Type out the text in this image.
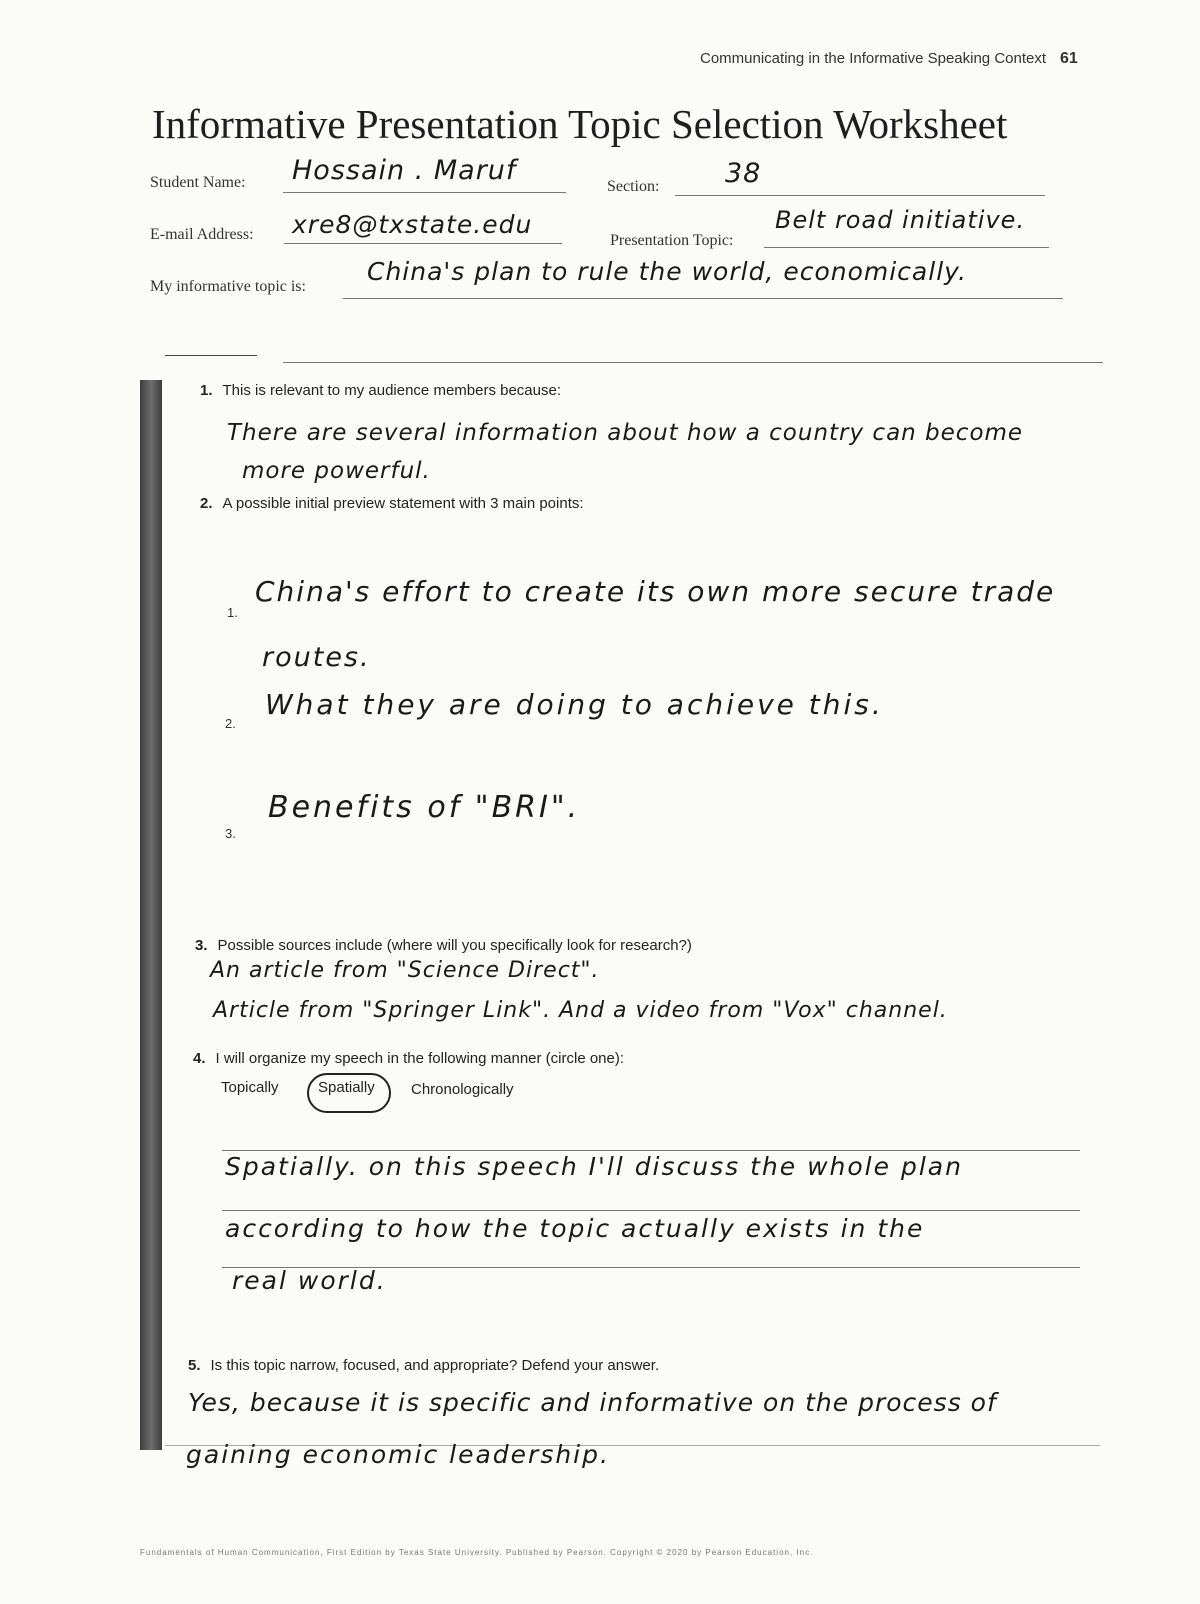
Communicating in the Informative Speaking Context 61
Informative Presentation Topic Selection Worksheet
Student Name: Hossain . Maruf
Section: 38
E-mail Address: xre8@txstate.edu
Presentation Topic:
Belt road initiative.
My informative topic is:
China's plan to rule the world, economically.
1. This is relevant to my audience members because:
There are several information about how a country can become
more powerful.
2. A possible initial preview statement with 3 main points:
1.
China's effort to create its own more secure trade
routes.
2.
What they are doing to achieve this.
3.
Benefits of "BRI".
3. Possible sources include (where will you specifically look for research?)
An article from "Science Direct".
Article from "Springer Link". And a video from "Vox" channel.
4. I will organize my speech in the following manner (circle one):
Topically	Spatially Chronologically
Spatially. on this speech I'll discuss the whole plan
according to how the topic actually exists in the
real world.
5. Is this topic narrow, focused, and appropriate? Defend your answer.
Yes, because it is specific and informative on the process of
gaining economic leadership.
Fundamentals of Human Communication, First Edition by Texas State University. Published by Pearson. Copyright © 2020 by Pearson Education, Inc.
